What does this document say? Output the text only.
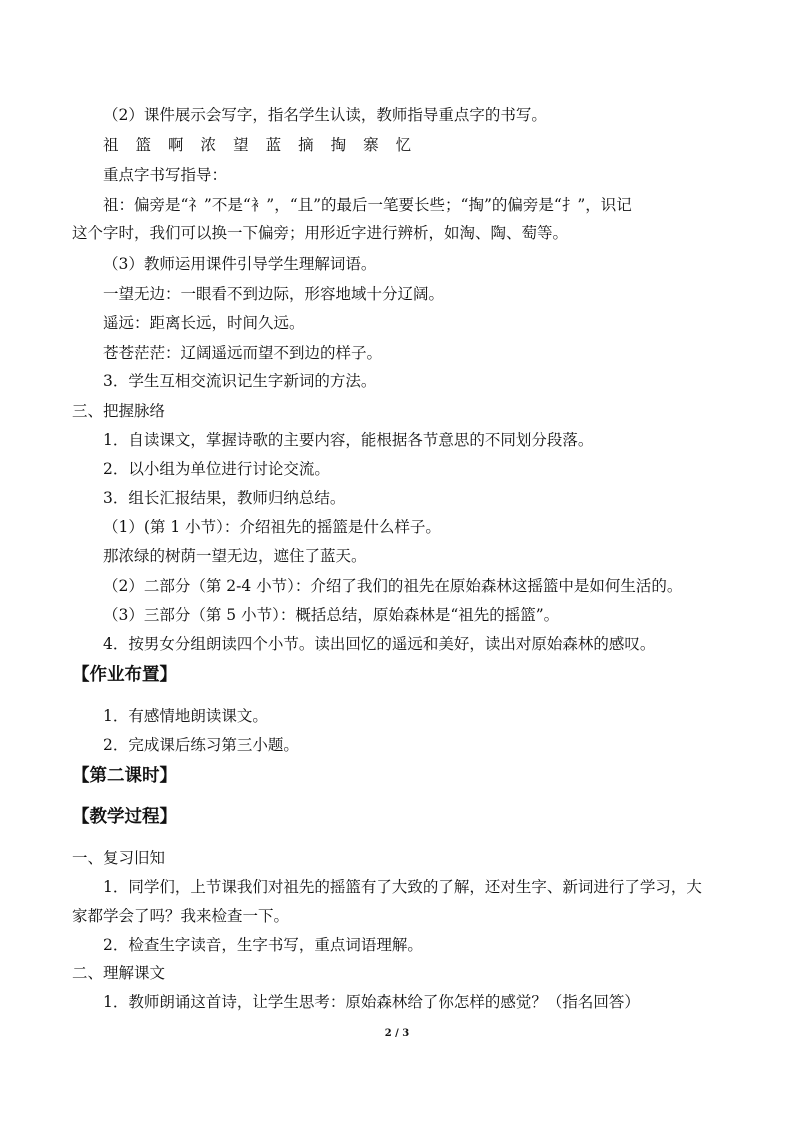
（2）课件展示会写字，指名学生认读，教师指导重点字的书写。
祖 篮 啊 浓 望 蓝 摘 掏 寨 忆
重点字书写指导：
祖：偏旁是“礻”不是“衤”，“且”的最后一笔要长些；“掏”的偏旁是“扌”，识记
这个字时，我们可以换一下偏旁；用形近字进行辨析，如淘、陶、萄等。
（3）教师运用课件引导学生理解词语。
一望无边：一眼看不到边际，形容地域十分辽阔。
遥远：距离长远，时间久远。
苍苍茫茫：辽阔遥远而望不到边的样子。
3．学生互相交流识记生字新词的方法。
三、把握脉络
1．自读课文，掌握诗歌的主要内容，能根据各节意思的不同划分段落。
2．以小组为单位进行讨论交流。
3．组长汇报结果，教师归纳总结。
（1）(第 1 小节）：介绍祖先的摇篮是什么样子。
那浓绿的树荫一望无边，遮住了蓝天。
（2）二部分（第 2-4 小节）：介绍了我们的祖先在原始森林这摇篮中是如何生活的。
（3）三部分（第 5 小节）：概括总结，原始森林是“祖先的摇篮”。
4．按男女分组朗读四个小节。读出回忆的遥远和美好，读出对原始森林的感叹。
【作业布置】
1．有感情地朗读课文。
2．完成课后练习第三小题。
【第二课时】
【教学过程】
一、复习旧知
1．同学们，上节课我们对祖先的摇篮有了大致的了解，还对生字、新词进行了学习，大
家都学会了吗？我来检查一下。
2．检查生字读音，生字书写，重点词语理解。
二、理解课文
1．教师朗诵这首诗，让学生思考：原始森林给了你怎样的感觉？（指名回答）
2 / 3
